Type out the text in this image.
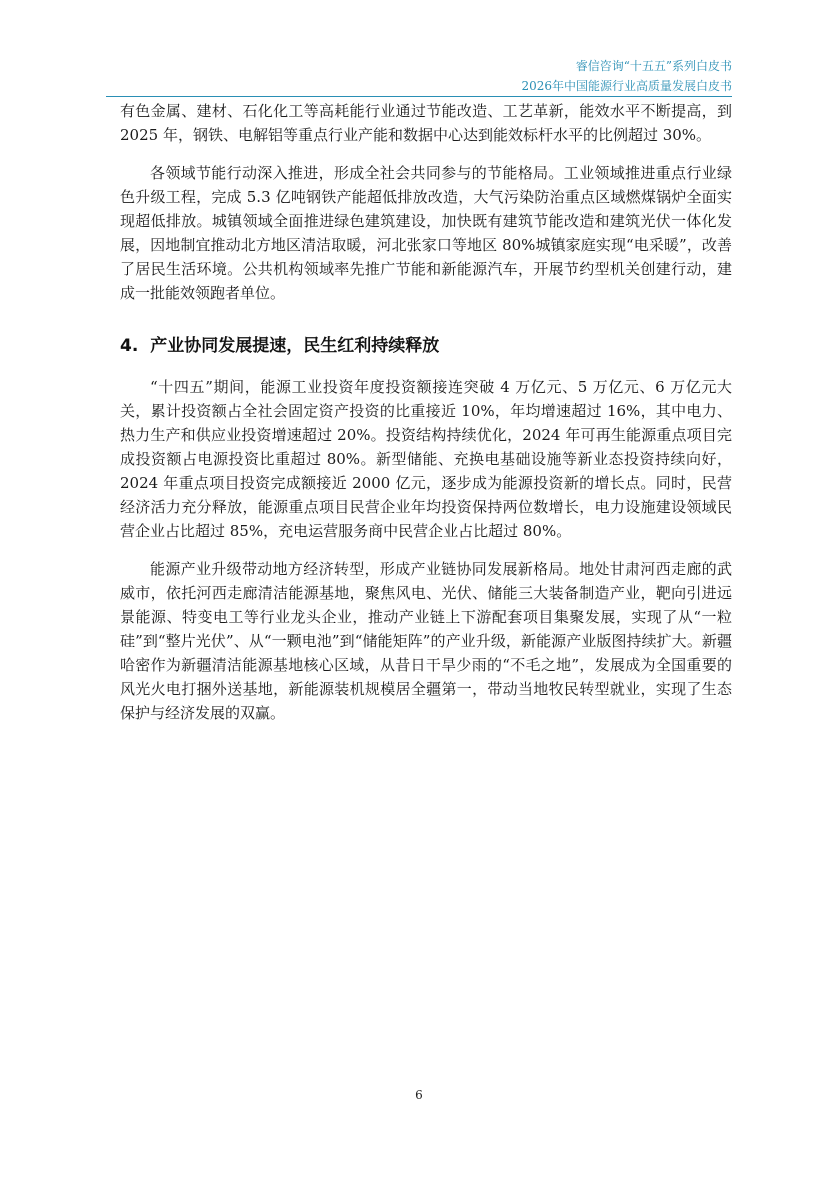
睿信咨询“十五五”系列白皮书
2026年中国能源行业高质量发展白皮书

有色金属、建材、石化化工等高耗能行业通过节能改造、工艺革新，能效水平不断提高，到 2025 年，钢铁、电解铝等重点行业产能和数据中心达到能效标杆水平的比例超过 30%。

各领域节能行动深入推进，形成全社会共同参与的节能格局。工业领域推进重点行业绿色升级工程，完成 5.3 亿吨钢铁产能超低排放改造，大气污染防治重点区域燃煤锅炉全面实现超低排放。城镇领域全面推进绿色建筑建设，加快既有建筑节能改造和建筑光伏一体化发展，因地制宜推动北方地区清洁取暖，河北张家口等地区 80%城镇家庭实现“电采暖”，改善了居民生活环境。公共机构领域率先推广节能和新能源汽车，开展节约型机关创建行动，建成一批能效领跑者单位。

4. 产业协同发展提速，民生红利持续释放

“十四五”期间，能源工业投资年度投资额接连突破 4 万亿元、5 万亿元、6 万亿元大关，累计投资额占全社会固定资产投资的比重接近 10%，年均增速超过 16%，其中电力、热力生产和供应业投资增速超过 20%。投资结构持续优化，2024 年可再生能源重点项目完成投资额占电源投资比重超过 80%。新型储能、充换电基础设施等新业态投资持续向好，2024 年重点项目投资完成额接近 2000 亿元，逐步成为能源投资新的增长点。同时，民营经济活力充分释放，能源重点项目民营企业年均投资保持两位数增长，电力设施建设领域民营企业占比超过 85%，充电运营服务商中民营企业占比超过 80%。

能源产业升级带动地方经济转型，形成产业链协同发展新格局。地处甘肃河西走廊的武威市，依托河西走廊清洁能源基地，聚焦风电、光伏、储能三大装备制造产业，靶向引进远景能源、特变电工等行业龙头企业，推动产业链上下游配套项目集聚发展，实现了从“一粒硅”到“整片光伏”、从“一颗电池”到“储能矩阵”的产业升级，新能源产业版图持续扩大。新疆哈密作为新疆清洁能源基地核心区域，从昔日干旱少雨的“不毛之地”，发展成为全国重要的风光火电打捆外送基地，新能源装机规模居全疆第一，带动当地牧民转型就业，实现了生态保护与经济发展的双赢。

6
